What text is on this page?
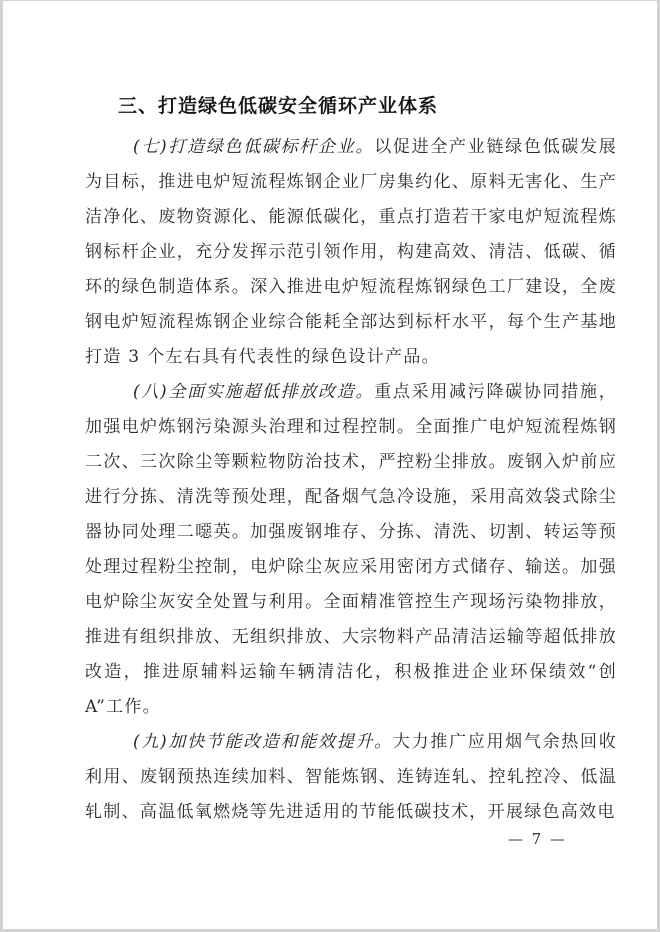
三、打造绿色低碳安全循环产业体系

(七)打造绿色低碳标杆企业。以促进全产业链绿色低碳发展为目标，推进电炉短流程炼钢企业厂房集约化、原料无害化、生产洁净化、废物资源化、能源低碳化，重点打造若干家电炉短流程炼钢标杆企业，充分发挥示范引领作用，构建高效、清洁、低碳、循环的绿色制造体系。深入推进电炉短流程炼钢绿色工厂建设，全废钢电炉短流程炼钢企业综合能耗全部达到标杆水平，每个生产基地打造 3 个左右具有代表性的绿色设计产品。

(八)全面实施超低排放改造。重点采用减污降碳协同措施，加强电炉炼钢污染源头治理和过程控制。全面推广电炉短流程炼钢二次、三次除尘等颗粒物防治技术，严控粉尘排放。废钢入炉前应进行分拣、清洗等预处理，配备烟气急冷设施，采用高效袋式除尘器协同处理二噁英。加强废钢堆存、分拣、清洗、切割、转运等预处理过程粉尘控制，电炉除尘灰应采用密闭方式储存、输送。加强电炉除尘灰安全处置与利用。全面精准管控生产现场污染物排放，推进有组织排放、无组织排放、大宗物料产品清洁运输等超低排放改造，推进原辅料运输车辆清洁化，积极推进企业环保绩效“创 A”工作。

(九)加快节能改造和能效提升。大力推广应用烟气余热回收利用、废钢预热连续加料、智能炼钢、连铸连轧、控轧控冷、低温轧制、高温低氧燃烧等先进适用的节能低碳技术，开展绿色高效电

— 7 —
